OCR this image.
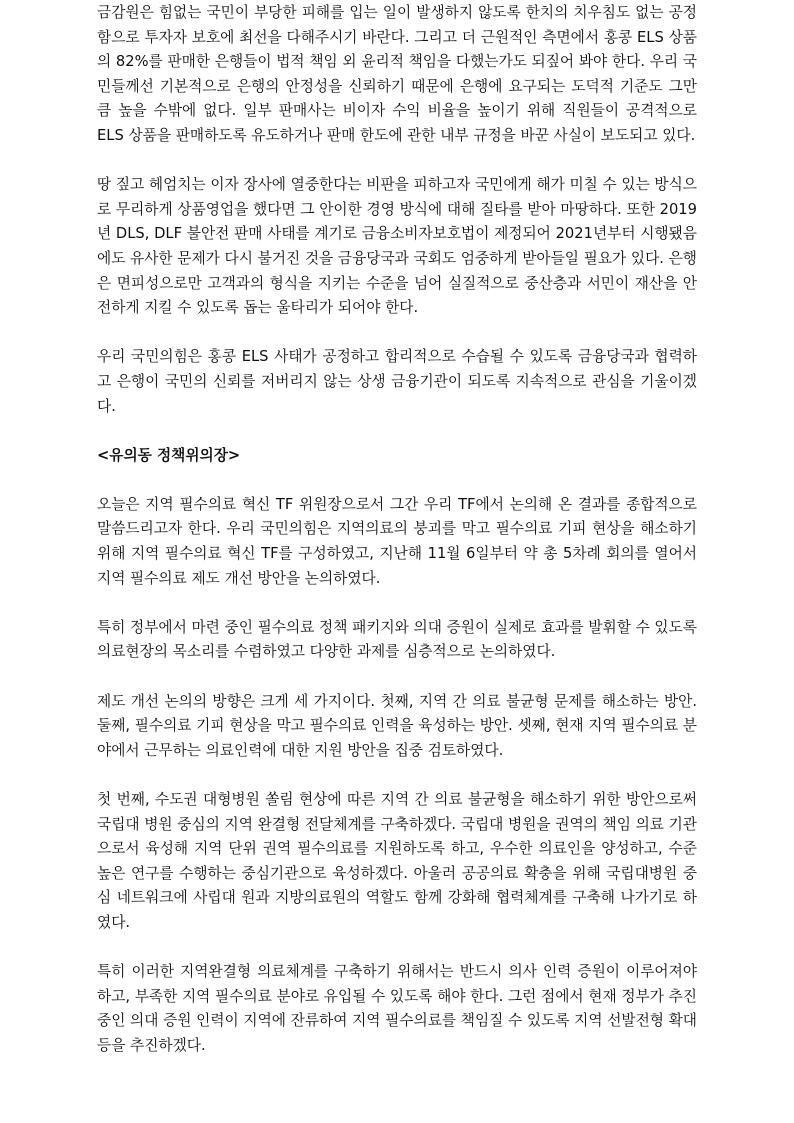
금감원은 힘없는 국민이 부당한 피해를 입는 일이 발생하지 않도록 한치의 치우침도 없는 공정함으로 투자자 보호에 최선을 다해주시기 바란다. 그리고 더 근원적인 측면에서 홍콩 ELS 상품의 82%를 판매한 은행들이 법적 책임 외 윤리적 책임을 다했는가도 되짚어 봐야 한다. 우리 국민들께선 기본적으로 은행의 안정성을 신뢰하기 때문에 은행에 요구되는 도덕적 기준도 그만큼 높을 수밖에 없다. 일부 판매사는 비이자 수익 비율을 높이기 위해 직원들이 공격적으로 ELS 상품을 판매하도록 유도하거나 판매 한도에 관한 내부 규정을 바꾼 사실이 보도되고 있다.

땅 짚고 헤엄치는 이자 장사에 열중한다는 비판을 피하고자 국민에게 해가 미칠 수 있는 방식으로 무리하게 상품영업을 했다면 그 안이한 경영 방식에 대해 질타를 받아 마땅하다. 또한 2019년 DLS, DLF 불안전 판매 사태를 계기로 금융소비자보호법이 제정되어 2021년부터 시행됐음에도 유사한 문제가 다시 불거진 것을 금융당국과 국회도 엄중하게 받아들일 필요가 있다. 은행은 면피성으로만 고객과의 형식을 지키는 수준을 넘어 실질적으로 중산층과 서민이 재산을 안전하게 지킬 수 있도록 돕는 울타리가 되어야 한다.

우리 국민의힘은 홍콩 ELS 사태가 공정하고 합리적으로 수습될 수 있도록 금융당국과 협력하고 은행이 국민의 신뢰를 저버리지 않는 상생 금융기관이 되도록 지속적으로 관심을 기울이겠다.

<유의동 정책위의장>

오늘은 지역 필수의료 혁신 TF 위원장으로서 그간 우리 TF에서 논의해 온 결과를 종합적으로 말씀드리고자 한다. 우리 국민의힘은 지역의료의 붕괴를 막고 필수의료 기피 현상을 해소하기 위해 지역 필수의료 혁신 TF를 구성하였고, 지난해 11월 6일부터 약 총 5차례 회의를 열어서 지역 필수의료 제도 개선 방안을 논의하였다.

특히 정부에서 마련 중인 필수의료 정책 패키지와 의대 증원이 실제로 효과를 발휘할 수 있도록 의료현장의 목소리를 수렴하였고 다양한 과제를 심층적으로 논의하였다.

제도 개선 논의의 방향은 크게 세 가지이다. 첫째, 지역 간 의료 불균형 문제를 해소하는 방안. 둘째, 필수의료 기피 현상을 막고 필수의료 인력을 육성하는 방안. 셋째, 현재 지역 필수의료 분야에서 근무하는 의료인력에 대한 지원 방안을 집중 검토하였다.

첫 번째, 수도권 대형병원 쏠림 현상에 따른 지역 간 의료 불균형을 해소하기 위한 방안으로써 국립대 병원 중심의 지역 완결형 전달체계를 구축하겠다. 국립대 병원을 권역의 책임 의료 기관으로서 육성해 지역 단위 권역 필수의료를 지원하도록 하고, 우수한 의료인을 양성하고, 수준 높은 연구를 수행하는 중심기관으로 육성하겠다. 아울러 공공의료 확충을 위해 국립대병원 중심 네트워크에 사립대 원과 지방의료원의 역할도 함께 강화해 협력체계를 구축해 나가기로 하였다.

특히 이러한 지역완결형 의료체계를 구축하기 위해서는 반드시 의사 인력 증원이 이루어져야 하고, 부족한 지역 필수의료 분야로 유입될 수 있도록 해야 한다. 그런 점에서 현재 정부가 추진 중인 의대 증원 인력이 지역에 잔류하여 지역 필수의료를 책임질 수 있도록 지역 선발전형 확대 등을 추진하겠다.
